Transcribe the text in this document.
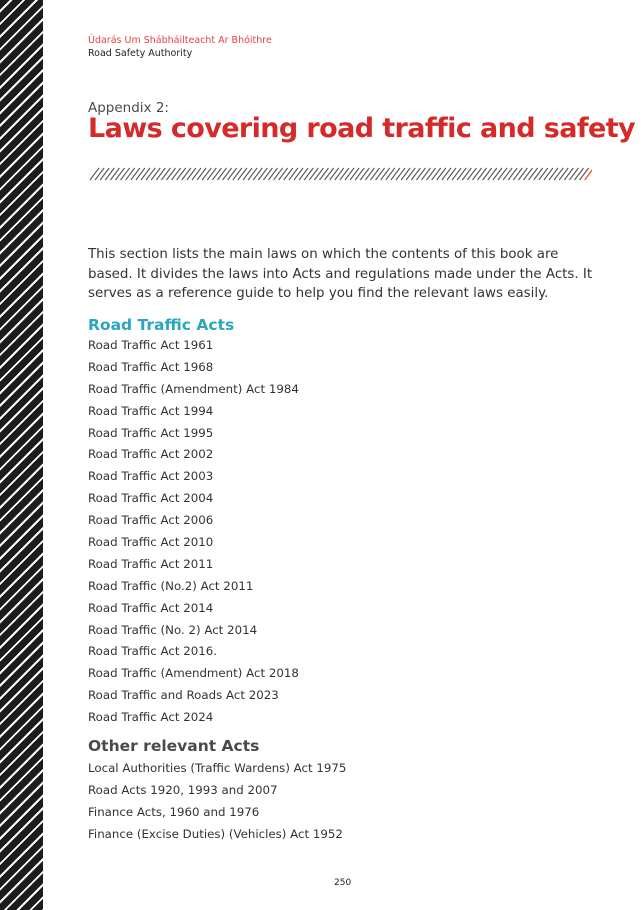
Údarás Um Shábháilteacht Ar Bhóithre
Road Safety Authority
Appendix 2:
Laws covering road traffic and safety

This section lists the main laws on which the contents of this book are based. It divides the laws into Acts and regulations made under the Acts. It serves as a reference guide to help you find the relevant laws easily.

Road Traffic Acts
Road Traffic Act 1961
Road Traffic Act 1968
Road Traffic (Amendment) Act 1984
Road Traffic Act 1994
Road Traffic Act 1995
Road Traffic Act 2002
Road Traffic Act 2003
Road Traffic Act 2004
Road Traffic Act 2006
Road Traffic Act 2010
Road Traffic Act 2011
Road Traffic (No.2) Act 2011
Road Traffic Act 2014
Road Traffic (No. 2) Act 2014
Road Traffic Act 2016.
Road Traffic (Amendment) Act 2018
Road Traffic and Roads Act 2023
Road Traffic Act 2024
Other relevant Acts
Local Authorities (Traffic Wardens) Act 1975
Road Acts 1920, 1993 and 2007
Finance Acts, 1960 and 1976
Finance (Excise Duties) (Vehicles) Act 1952
250
